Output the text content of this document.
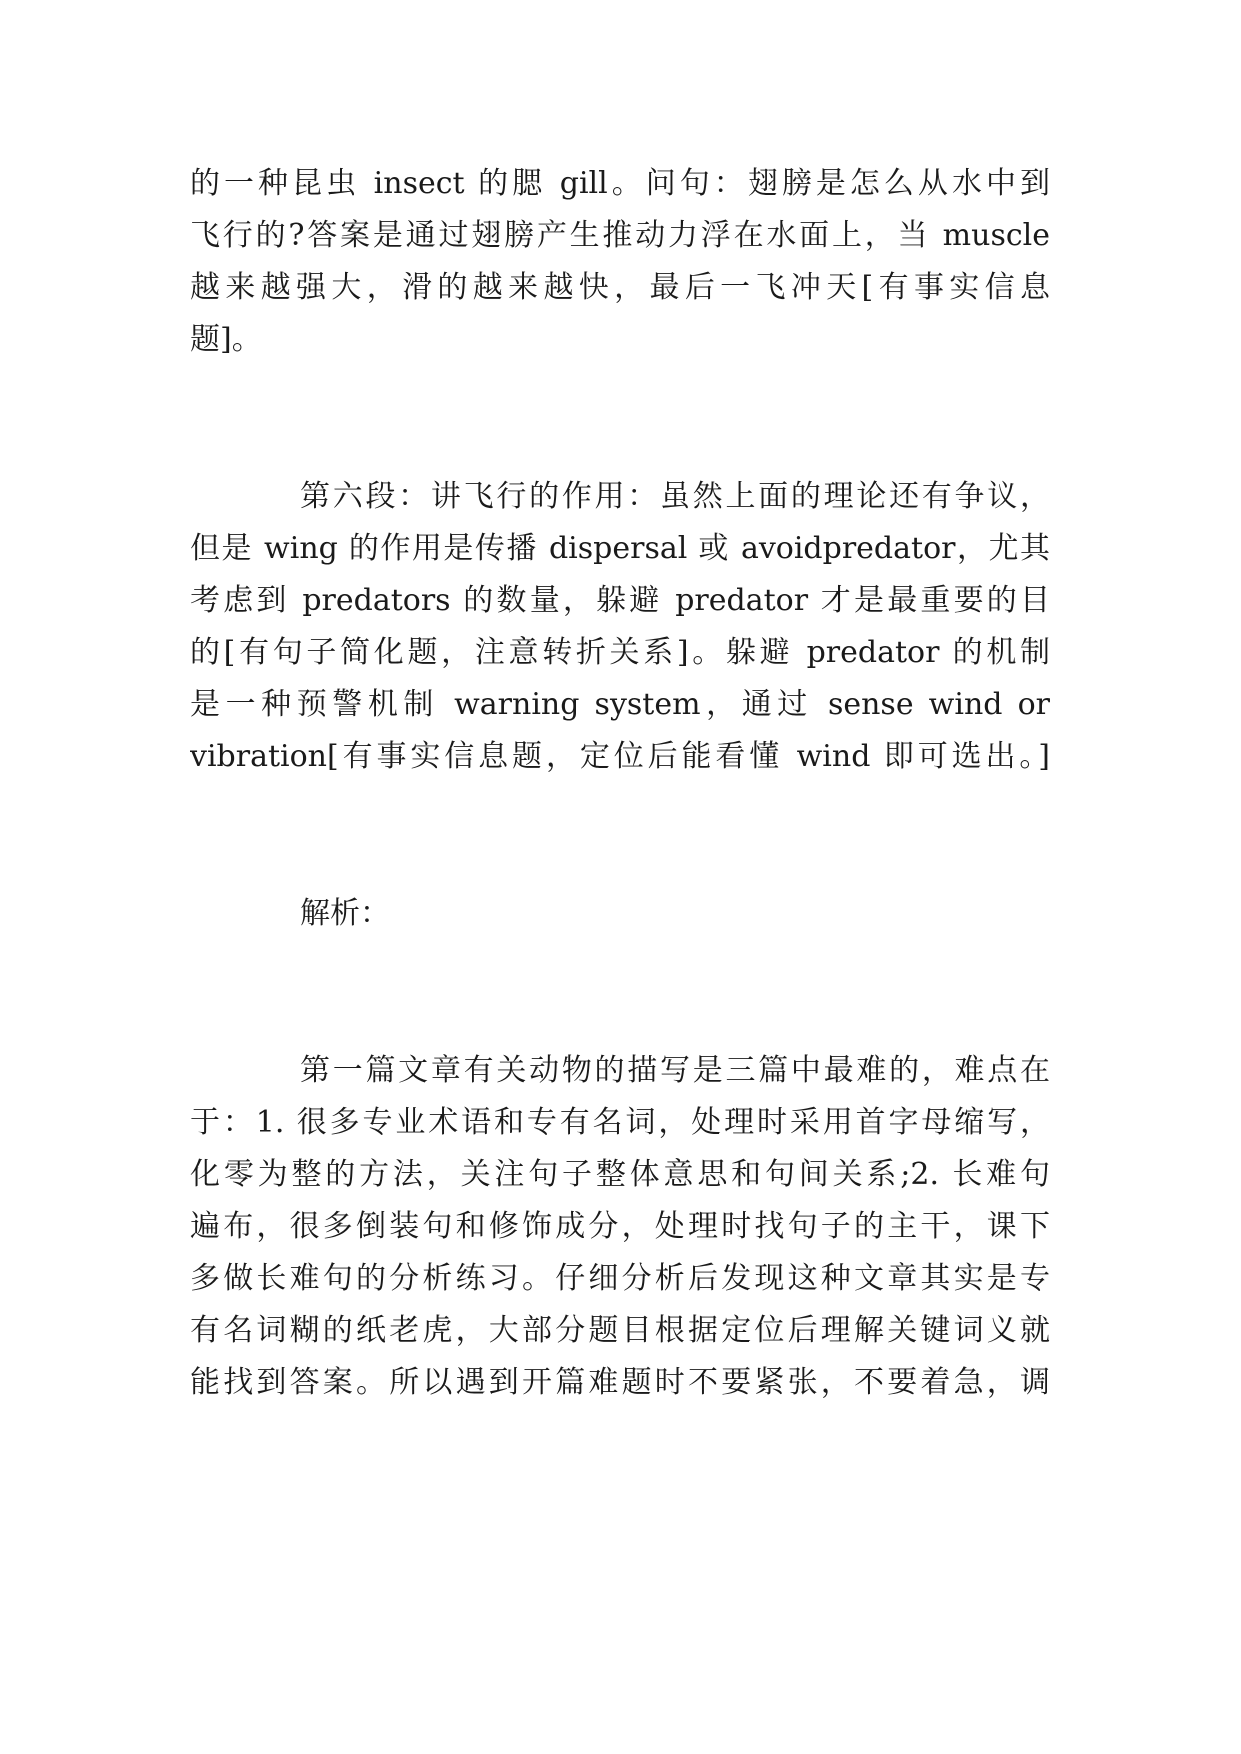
的一种昆虫 insect 的腮 gill。问句：翅膀是怎么从水中到
飞行的?答案是通过翅膀产生推动力浮在水面上，当 muscle
越来越强大，滑的越来越快，最后一飞冲天[有事实信息
题]。
第六段：讲飞行的作用：虽然上面的理论还有争议，
但是 wing 的作用是传播 dispersal 或 avoidpredator，尤其
考虑到 predators 的数量，躲避 predator 才是最重要的目
的[有句子简化题，注意转折关系]。躲避 predator 的机制
是一种预警机制 warning system，通过 sense wind or
vibration[有事实信息题，定位后能看懂 wind 即可选出。]
解析：
第一篇文章有关动物的描写是三篇中最难的，难点在
于：1. 很多专业术语和专有名词，处理时采用首字母缩写，
化零为整的方法，关注句子整体意思和句间关系;2. 长难句
遍布，很多倒装句和修饰成分，处理时找句子的主干，课下
多做长难句的分析练习。仔细分析后发现这种文章其实是专
有名词糊的纸老虎，大部分题目根据定位后理解关键词义就
能找到答案。所以遇到开篇难题时不要紧张，不要着急，调
